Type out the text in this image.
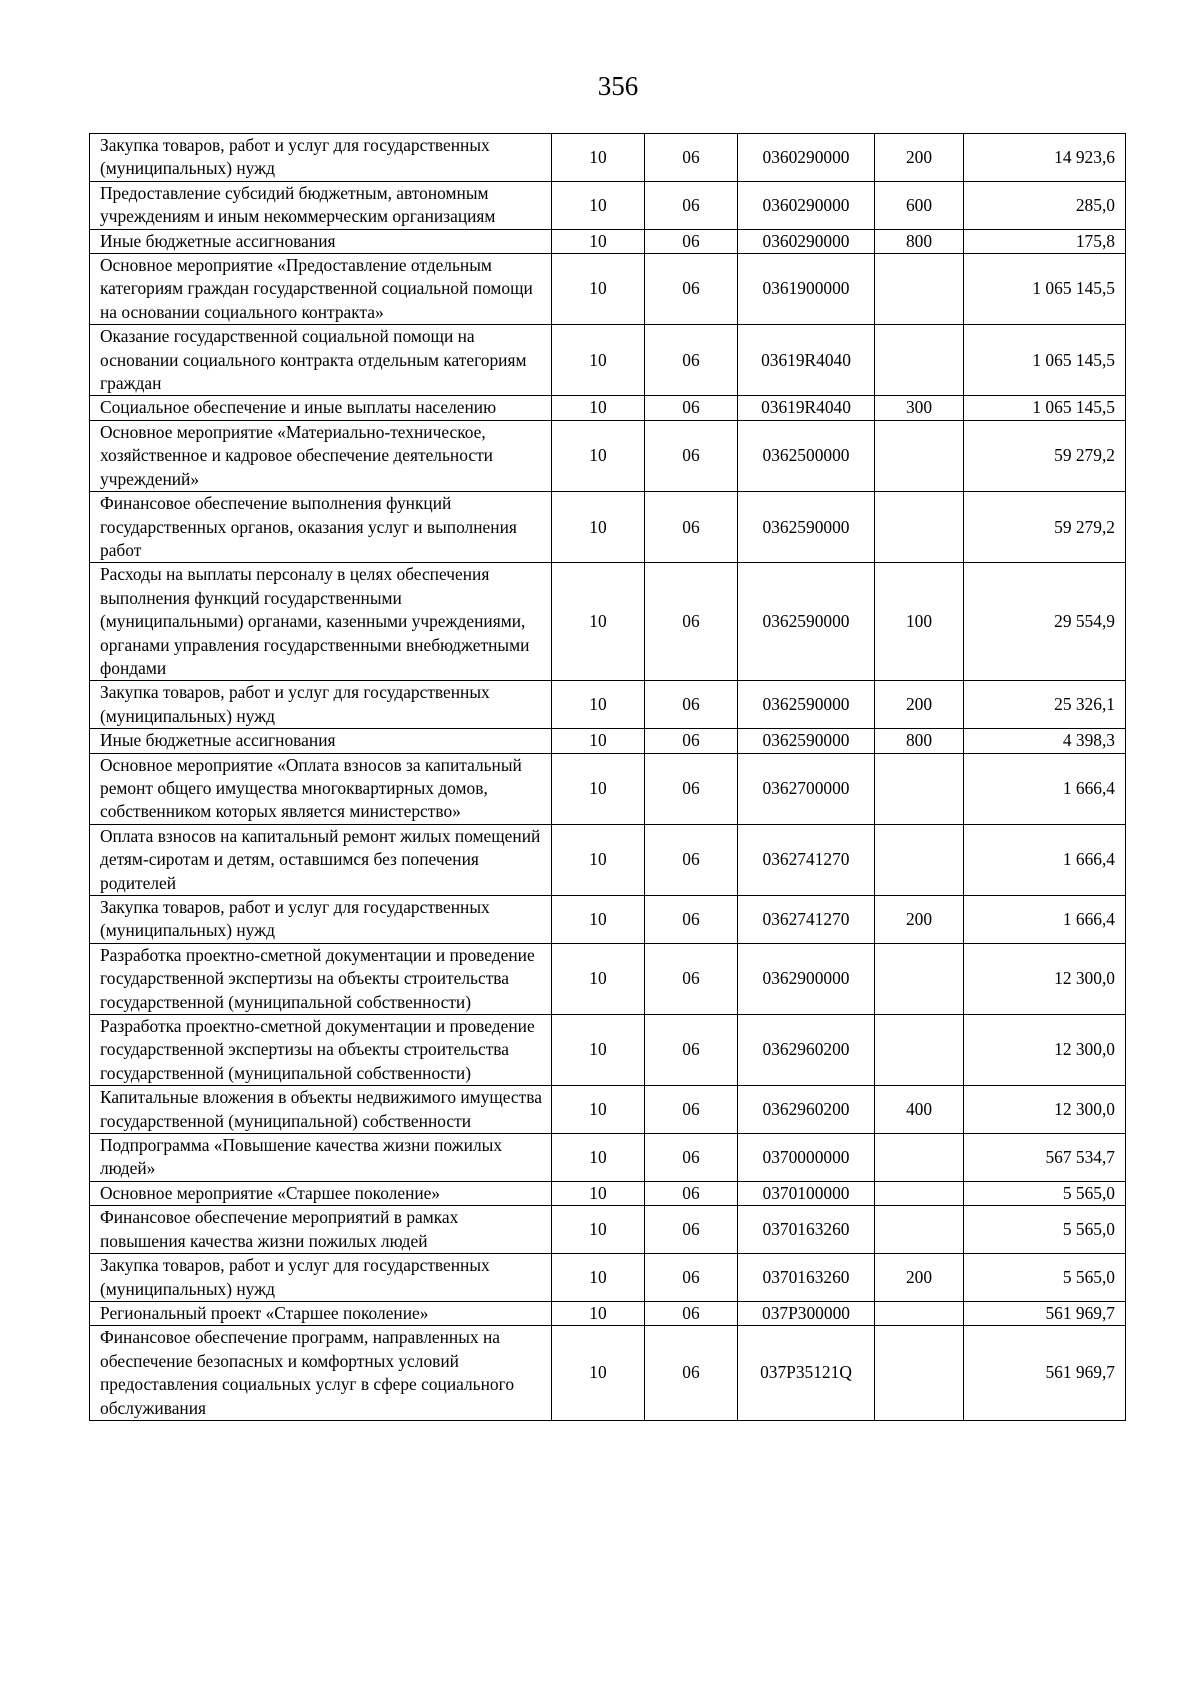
356
Закупка товаров, работ и услуг для государственных (муниципальных) нужд	10	06	0360290000	200	14 923,6
Предоставление субсидий бюджетным, автономным учреждениям и иным некоммерческим организациям	10	06	0360290000	600	285,0
Иные бюджетные ассигнования	10	06	0360290000	800	175,8
Основное мероприятие «Предоставление отдельным категориям граждан государственной социальной помощи на основании социального контракта»	10	06	0361900000		1 065 145,5
Оказание государственной социальной помощи на основании социального контракта отдельным категориям граждан	10	06	03619R4040		1 065 145,5
Социальное обеспечение и иные выплаты населению	10	06	03619R4040	300	1 065 145,5
Основное мероприятие «Материально-техническое, хозяйственное и кадровое обеспечение деятельности учреждений»	10	06	0362500000		59 279,2
Финансовое обеспечение выполнения функций государственных органов, оказания услуг и выполнения работ	10	06	0362590000		59 279,2
Расходы на выплаты персоналу в целях обеспечения выполнения функций государственными (муниципальными) органами, казенными учреждениями, органами управления государственными внебюджетными фондами	10	06	0362590000	100	29 554,9
Закупка товаров, работ и услуг для государственных (муниципальных) нужд	10	06	0362590000	200	25 326,1
Иные бюджетные ассигнования	10	06	0362590000	800	4 398,3
Основное мероприятие «Оплата взносов за капитальный ремонт общего имущества многоквартирных домов, собственником которых является министерство»	10	06	0362700000		1 666,4
Оплата взносов на капитальный ремонт жилых помещений детям-сиротам и детям, оставшимся без попечения родителей	10	06	0362741270		1 666,4
Закупка товаров, работ и услуг для государственных (муниципальных) нужд	10	06	0362741270	200	1 666,4
Разработка проектно-сметной документации и проведение государственной экспертизы на объекты строительства государственной (муниципальной собственности)	10	06	0362900000		12 300,0
Разработка проектно-сметной документации и проведение государственной экспертизы на объекты строительства государственной (муниципальной собственности)	10	06	0362960200		12 300,0
Капитальные вложения в объекты недвижимого имущества государственной (муниципальной) собственности	10	06	0362960200	400	12 300,0
Подпрограмма «Повышение качества жизни пожилых людей»	10	06	0370000000		567 534,7
Основное мероприятие «Старшее поколение»	10	06	0370100000		5 565,0
Финансовое обеспечение мероприятий в рамках повышения качества жизни пожилых людей	10	06	0370163260		5 565,0
Закупка товаров, работ и услуг для государственных (муниципальных) нужд	10	06	0370163260	200	5 565,0
Региональный проект «Старшее поколение»	10	06	037P300000		561 969,7
Финансовое обеспечение программ, направленных на обеспечение безопасных и комфортных условий предоставления социальных услуг в сфере социального обслуживания	10	06	037P35121Q		561 969,7
